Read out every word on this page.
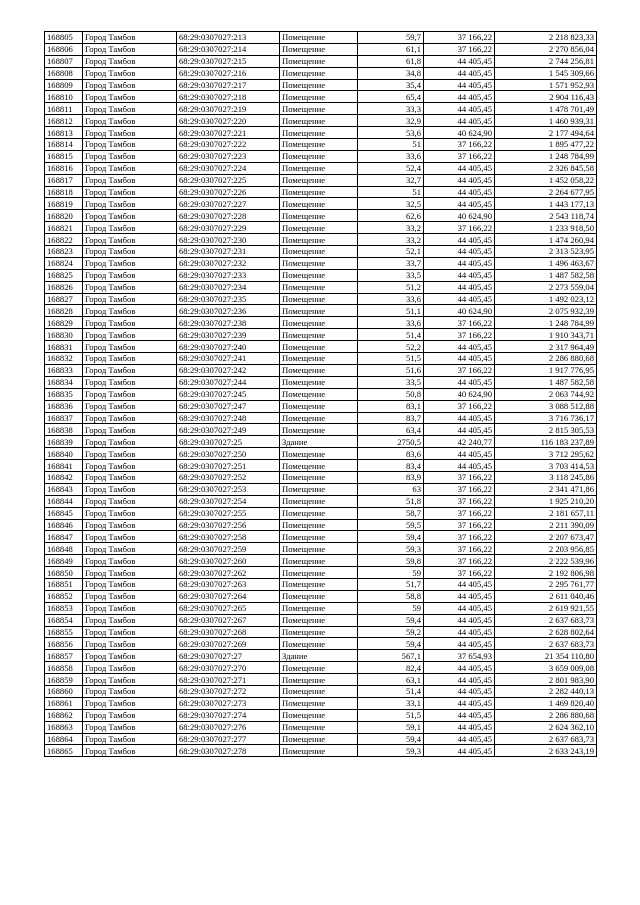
168805	Город Тамбов	68:29:0307027:213	Помещение	59,7	37 166,22	2 218 823,33
168806	Город Тамбов	68:29:0307027:214	Помещение	61,1	37 166,22	2 270 856,04
168807	Город Тамбов	68:29:0307027:215	Помещение	61,8	44 405,45	2 744 256,81
168808	Город Тамбов	68:29:0307027:216	Помещение	34,8	44 405,45	1 545 309,66
168809	Город Тамбов	68:29:0307027:217	Помещение	35,4	44 405,45	1 571 952,93
168810	Город Тамбов	68:29:0307027:218	Помещение	65,4	44 405,45	2 904 116,43
168811	Город Тамбов	68:29:0307027:219	Помещение	33,3	44 405,45	1 478 701,49
168812	Город Тамбов	68:29:0307027:220	Помещение	32,9	44 405,45	1 460 939,31
168813	Город Тамбов	68:29:0307027:221	Помещение	53,6	40 624,90	2 177 494,64
168814	Город Тамбов	68:29:0307027:222	Помещение	51	37 166,22	1 895 477,22
168815	Город Тамбов	68:29:0307027:223	Помещение	33,6	37 166,22	1 248 784,99
168816	Город Тамбов	68:29:0307027:224	Помещение	52,4	44 405,45	2 326 845,58
168817	Город Тамбов	68:29:0307027:225	Помещение	32,7	44 405,45	1 452 058,22
168818	Город Тамбов	68:29:0307027:226	Помещение	51	44 405,45	2 264 677,95
168819	Город Тамбов	68:29:0307027:227	Помещение	32,5	44 405,45	1 443 177,13
168820	Город Тамбов	68:29:0307027:228	Помещение	62,6	40 624,90	2 543 118,74
168821	Город Тамбов	68:29:0307027:229	Помещение	33,2	37 166,22	1 233 918,50
168822	Город Тамбов	68:29:0307027:230	Помещение	33,2	44 405,45	1 474 260,94
168823	Город Тамбов	68:29:0307027:231	Помещение	52,1	44 405,45	2 313 523,95
168824	Город Тамбов	68:29:0307027:232	Помещение	33,7	44 405,45	1 496 463,67
168825	Город Тамбов	68:29:0307027:233	Помещение	33,5	44 405,45	1 487 582,58
168826	Город Тамбов	68:29:0307027:234	Помещение	51,2	44 405,45	2 273 559,04
168827	Город Тамбов	68:29:0307027:235	Помещение	33,6	44 405,45	1 492 023,12
168828	Город Тамбов	68:29:0307027:236	Помещение	51,1	40 624,90	2 075 932,39
168829	Город Тамбов	68:29:0307027:238	Помещение	33,6	37 166,22	1 248 784,99
168830	Город Тамбов	68:29:0307027:239	Помещение	51,4	37 166,22	1 910 343,71
168831	Город Тамбов	68:29:0307027:240	Помещение	52,2	44 405,45	2 317 964,49
168832	Город Тамбов	68:29:0307027:241	Помещение	51,5	44 405,45	2 286 880,68
168833	Город Тамбов	68:29:0307027:242	Помещение	51,6	37 166,22	1 917 776,95
168834	Город Тамбов	68:29:0307027:244	Помещение	33,5	44 405,45	1 487 582,58
168835	Город Тамбов	68:29:0307027:245	Помещение	50,8	40 624,90	2 063 744,92
168836	Город Тамбов	68:29:0307027:247	Помещение	83,1	37 166,22	3 088 512,88
168837	Город Тамбов	68:29:0307027:248	Помещение	83,7	44 405,45	3 716 736,17
168838	Город Тамбов	68:29:0307027:249	Помещение	63,4	44 405,45	2 815 305,53
168839	Город Тамбов	68:29:0307027:25	Здание	2750,5	42 240,77	116 183 237,89
168840	Город Тамбов	68:29:0307027:250	Помещение	83,6	44 405,45	3 712 295,62
168841	Город Тамбов	68:29:0307027:251	Помещение	83,4	44 405,45	3 703 414,53
168842	Город Тамбов	68:29:0307027:252	Помещение	83,9	37 166,22	3 118 245,86
168843	Город Тамбов	68:29:0307027:253	Помещение	63	37 166,22	2 341 471,86
168844	Город Тамбов	68:29:0307027:254	Помещение	51,8	37 166,22	1 925 210,20
168845	Город Тамбов	68:29:0307027:255	Помещение	58,7	37 166,22	2 181 657,11
168846	Город Тамбов	68:29:0307027:256	Помещение	59,5	37 166,22	2 211 390,09
168847	Город Тамбов	68:29:0307027:258	Помещение	59,4	37 166,22	2 207 673,47
168848	Город Тамбов	68:29:0307027:259	Помещение	59,3	37 166,22	2 203 956,85
168849	Город Тамбов	68:29:0307027:260	Помещение	59,8	37 166,22	2 222 539,96
168850	Город Тамбов	68:29:0307027:262	Помещение	59	37 166,22	2 192 806,98
168851	Город Тамбов	68:29:0307027:263	Помещение	51,7	44 405,45	2 295 761,77
168852	Город Тамбов	68:29:0307027:264	Помещение	58,8	44 405,45	2 611 040,46
168853	Город Тамбов	68:29:0307027:265	Помещение	59	44 405,45	2 619 921,55
168854	Город Тамбов	68:29:0307027:267	Помещение	59,4	44 405,45	2 637 683,73
168855	Город Тамбов	68:29:0307027:268	Помещение	59,2	44 405,45	2 628 802,64
168856	Город Тамбов	68:29:0307027:269	Помещение	59,4	44 405,45	2 637 683,73
168857	Город Тамбов	68:29:0307027:27	Здание	567,1	37 654,93	21 354 110,80
168858	Город Тамбов	68:29:0307027:270	Помещение	82,4	44 405,45	3 659 009,08
168859	Город Тамбов	68:29:0307027:271	Помещение	63,1	44 405,45	2 801 983,90
168860	Город Тамбов	68:29:0307027:272	Помещение	51,4	44 405,45	2 282 440,13
168861	Город Тамбов	68:29:0307027:273	Помещение	33,1	44 405,45	1 469 820,40
168862	Город Тамбов	68:29:0307027:274	Помещение	51,5	44 405,45	2 286 880,68
168863	Город Тамбов	68:29:0307027:276	Помещение	59,1	44 405,45	2 624 362,10
168864	Город Тамбов	68:29:0307027:277	Помещение	59,4	44 405,45	2 637 683,73
168865	Город Тамбов	68:29:0307027:278	Помещение	59,3	44 405,45	2 633 243,19
